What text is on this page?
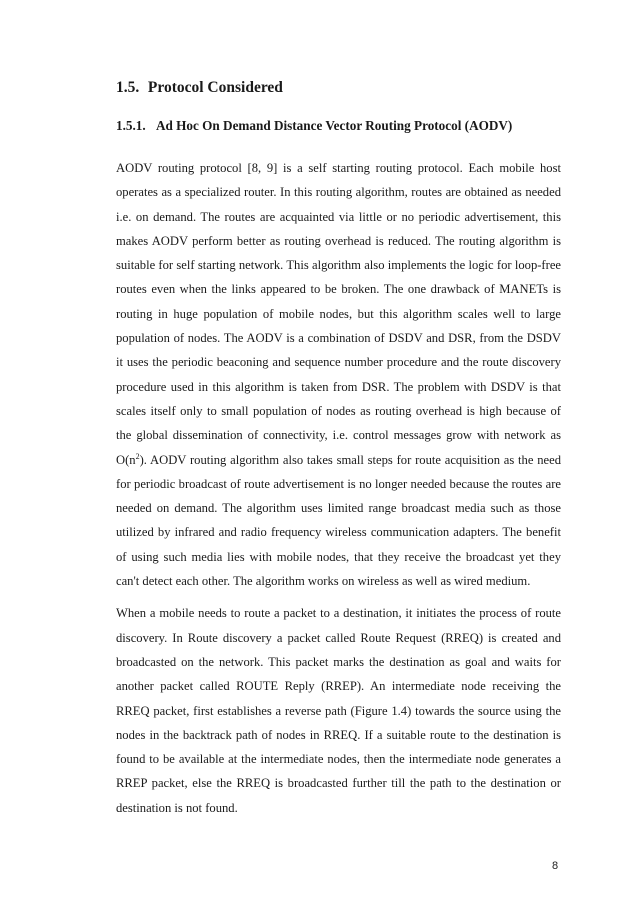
1.5. Protocol Considered
1.5.1. Ad Hoc On Demand Distance Vector Routing Protocol (AODV)

AODV routing protocol [8, 9] is a self starting routing protocol. Each mobile host operates as a specialized router. In this routing algorithm, routes are obtained as needed i.e. on demand. The routes are acquainted via little or no periodic advertisement, this makes AODV perform better as routing overhead is reduced. The routing algorithm is suitable for self starting network. This algorithm also implements the logic for loop-free routes even when the links appeared to be broken. The one drawback of MANETs is routing in huge population of mobile nodes, but this algorithm scales well to large population of nodes. The AODV is a combination of DSDV and DSR, from the DSDV it uses the periodic beaconing and sequence number procedure and the route discovery procedure used in this algorithm is taken from DSR. The problem with DSDV is that scales itself only to small population of nodes as routing overhead is high because of the global dissemination of connectivity, i.e. control messages grow with network as $O(n^2)$. AODV routing algorithm also takes small steps for route acquisition as the need for periodic broadcast of route advertisement is no longer needed because the routes are needed on demand. The algorithm uses limited range broadcast media such as those utilized by infrared and radio frequency wireless communication adapters. The benefit of using such media lies with mobile nodes, that they receive the broadcast yet they can't detect each other. The algorithm works on wireless as well as wired medium.

When a mobile needs to route a packet to a destination, it initiates the process of route discovery. In Route discovery a packet called Route Request (RREQ) is created and broadcasted on the network. This packet marks the destination as goal and waits for another packet called ROUTE Reply (RREP). An intermediate node receiving the RREQ packet, first establishes a reverse path (Figure 1.4) towards the source using the nodes in the backtrack path of nodes in RREQ. If a suitable route to the destination is found to be available at the intermediate nodes, then the intermediate node generates a RREP packet, else the RREQ is broadcasted further till the path to the destination or destination is not found.

8
